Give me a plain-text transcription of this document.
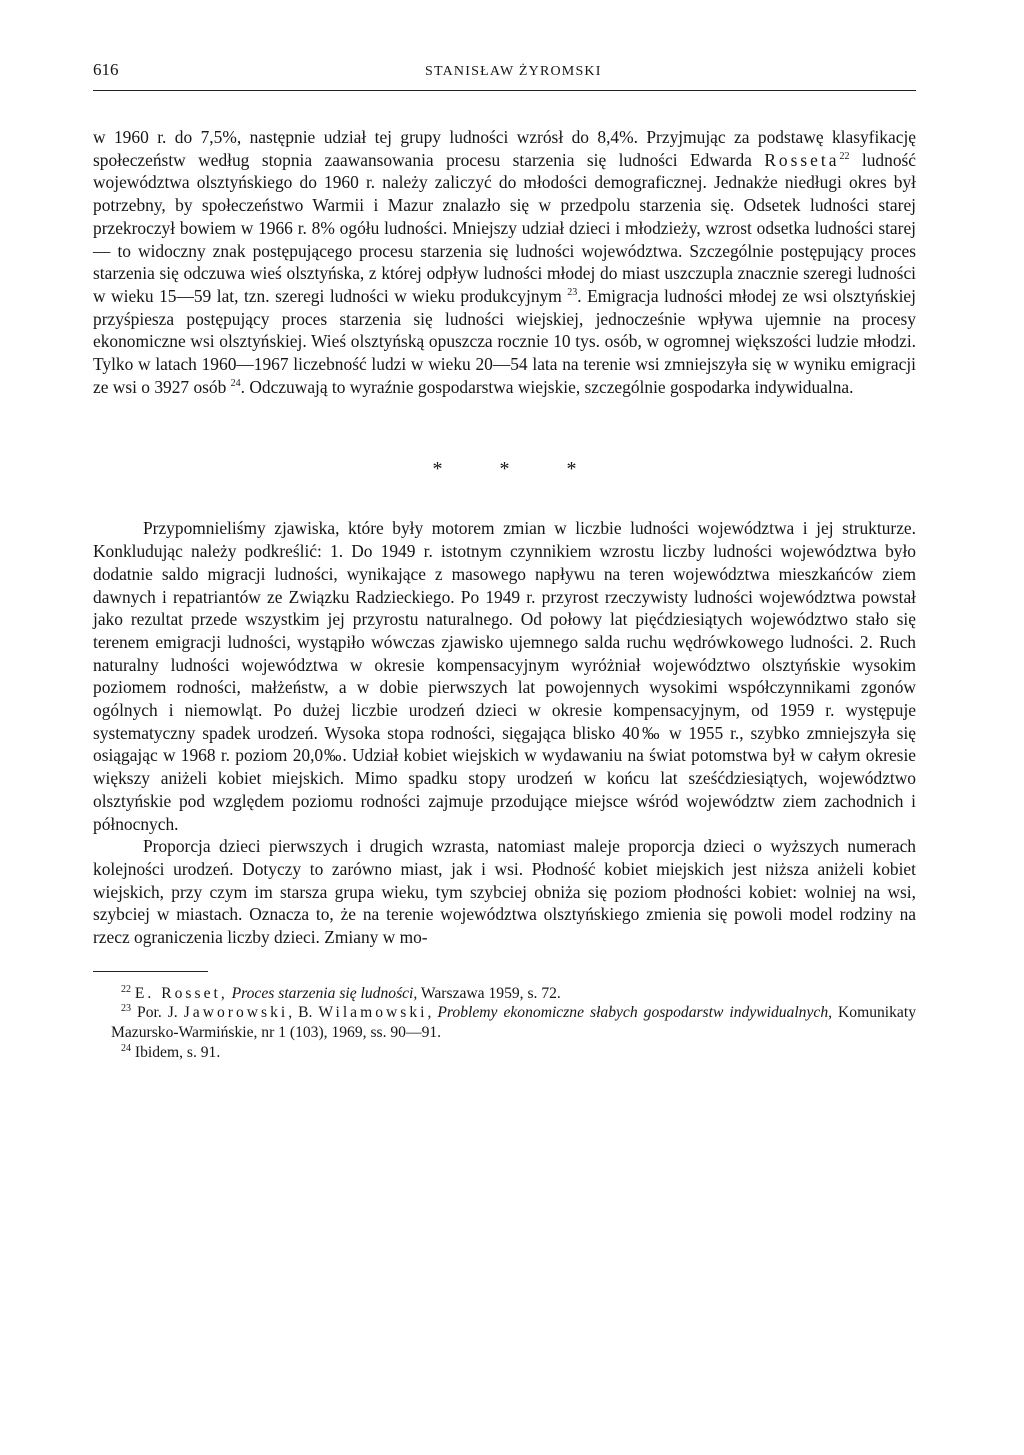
616	STANISŁAW ŻYROMSKI

w 1960 r. do 7,5%, następnie udział tej grupy ludności wzrósł do 8,4%. Przyjmując za podstawę klasyfikację społeczeństw według stopnia zaawansowania procesu starzenia się ludności Edwarda Rosseta$^{22}$ ludność województwa olsztyńskiego do 1960 r. należy zaliczyć do młodości demograficznej. Jednakże niedługi okres był potrzebny, by społeczeństwo Warmii i Mazur znalazło się w przedpolu starzenia się. Odsetek ludności starej przekroczył bowiem w 1966 r. 8% ogółu ludności. Mniejszy udział dzieci i młodzieży, wzrost odsetka ludności starej — to widoczny znak postępującego procesu starzenia się ludności województwa. Szczególnie postępujący proces starzenia się odczuwa wieś olsztyńska, z której odpływ ludności młodej do miast uszczupla znacznie szeregi ludności w wieku 15—59 lat, tzn. szeregi ludności w wieku produkcyjnym $^{23}$. Emigracja ludności młodej ze wsi olsztyńskiej przyśpiesza postępujący proces starzenia się ludności wiejskiej, jednocześnie wpływa ujemnie na procesy ekonomiczne wsi olsztyńskiej. Wieś olsztyńską opuszcza rocznie 10 tys. osób, w ogromnej większości ludzie młodzi. Tylko w latach 1960—1967 liczebność ludzi w wieku 20—54 lata na terenie wsi zmniejszyła się w wyniku emigracji ze wsi o 3927 osób $^{24}$. Odczuwają to wyraźnie gospodarstwa wiejskie, szczególnie gospodarka indywidualna.

* * *

Przypomnieliśmy zjawiska, które były motorem zmian w liczbie ludności województwa i jej strukturze. Konkludując należy podkreślić: 1. Do 1949 r. istotnym czynnikiem wzrostu liczby ludności województwa było dodatnie saldo migracji ludności, wynikające z masowego napływu na teren województwa mieszkańców ziem dawnych i repatriantów ze Związku Radzieckiego. Po 1949 r. przyrost rzeczywisty ludności województwa powstał jako rezultat przede wszystkim jej przyrostu naturalnego. Od połowy lat pięćdziesiątych województwo stało się terenem emigracji ludności, wystąpiło wówczas zjawisko ujemnego salda ruchu wędrówkowego ludności. 2. Ruch naturalny ludności województwa w okresie kompensacyjnym wyróżniał województwo olsztyńskie wysokim poziomem rodności, małżeństw, a w dobie pierwszych lat powojennych wysokimi współczynnikami zgonów ogólnych i niemowląt. Po dużej liczbie urodzeń dzieci w okresie kompensacyjnym, od 1959 r. występuje systematyczny spadek urodzeń. Wysoka stopa rodności, sięgająca blisko 40‰ w 1955 r., szybko zmniejszyła się osiągając w 1968 r. poziom 20,0‰. Udział kobiet wiejskich w wydawaniu na świat potomstwa był w całym okresie większy aniżeli kobiet miejskich. Mimo spadku stopy urodzeń w końcu lat sześćdziesiątych, województwo olsztyńskie pod względem poziomu rodności zajmuje przodujące miejsce wśród województw ziem zachodnich i północnych.

Proporcja dzieci pierwszych i drugich wzrasta, natomiast maleje proporcja dzieci o wyższych numerach kolejności urodzeń. Dotyczy to zarówno miast, jak i wsi. Płodność kobiet miejskich jest niższa aniżeli kobiet wiejskich, przy czym im starsza grupa wieku, tym szybciej obniża się poziom płodności kobiet: wolniej na wsi, szybciej w miastach. Oznacza to, że na terenie województwa olsztyńskiego zmienia się powoli model rodziny na rzecz ograniczenia liczby dzieci. Zmiany w mo-

$^{22}$ E. Rosset, Proces starzenia się ludności, Warszawa 1959, s. 72.

$^{23}$ Por. J. Jaworowski, B. Wilamowski, Problemy ekonomiczne słabych gospodarstw indywidualnych, Komunikaty Mazursko-Warmińskie, nr 1 (103), 1969, ss. 90—91.

$^{24}$ Ibidem, s. 91.
